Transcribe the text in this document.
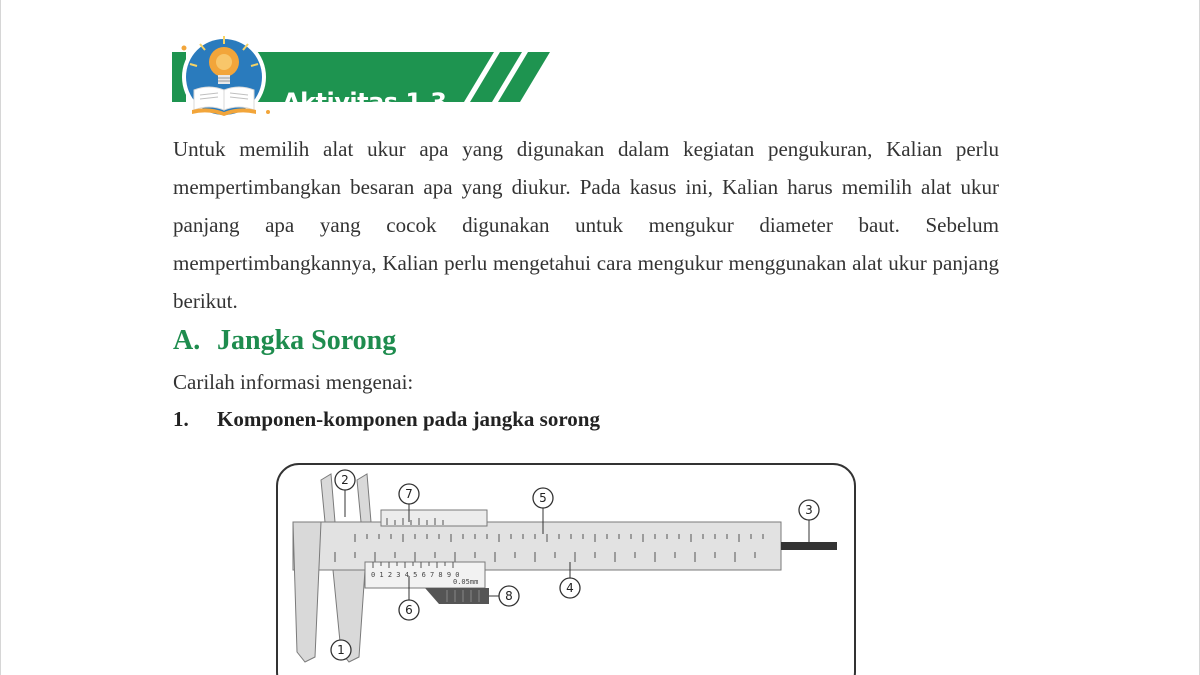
Aktivitas 1.3

Untuk memilih alat ukur apa yang digunakan dalam kegiatan pengukuran, Kalian perlu mempertimbangkan besaran apa yang diukur. Pada kasus ini, Kalian harus memilih alat ukur panjang apa yang cocok digunakan untuk mengukur diameter baut. Sebelum mempertimbangkannya, Kalian perlu mengetahui cara mengukur menggunakan alat ukur panjang berikut.

A. Jangka Sorong

Carilah informasi mengenai:

1. Komponen-komponen pada jangka sorong

0 1 2 3 4 5 6 7 8 9 0
0.05mm
2
7	5
3
4
6
8
1
